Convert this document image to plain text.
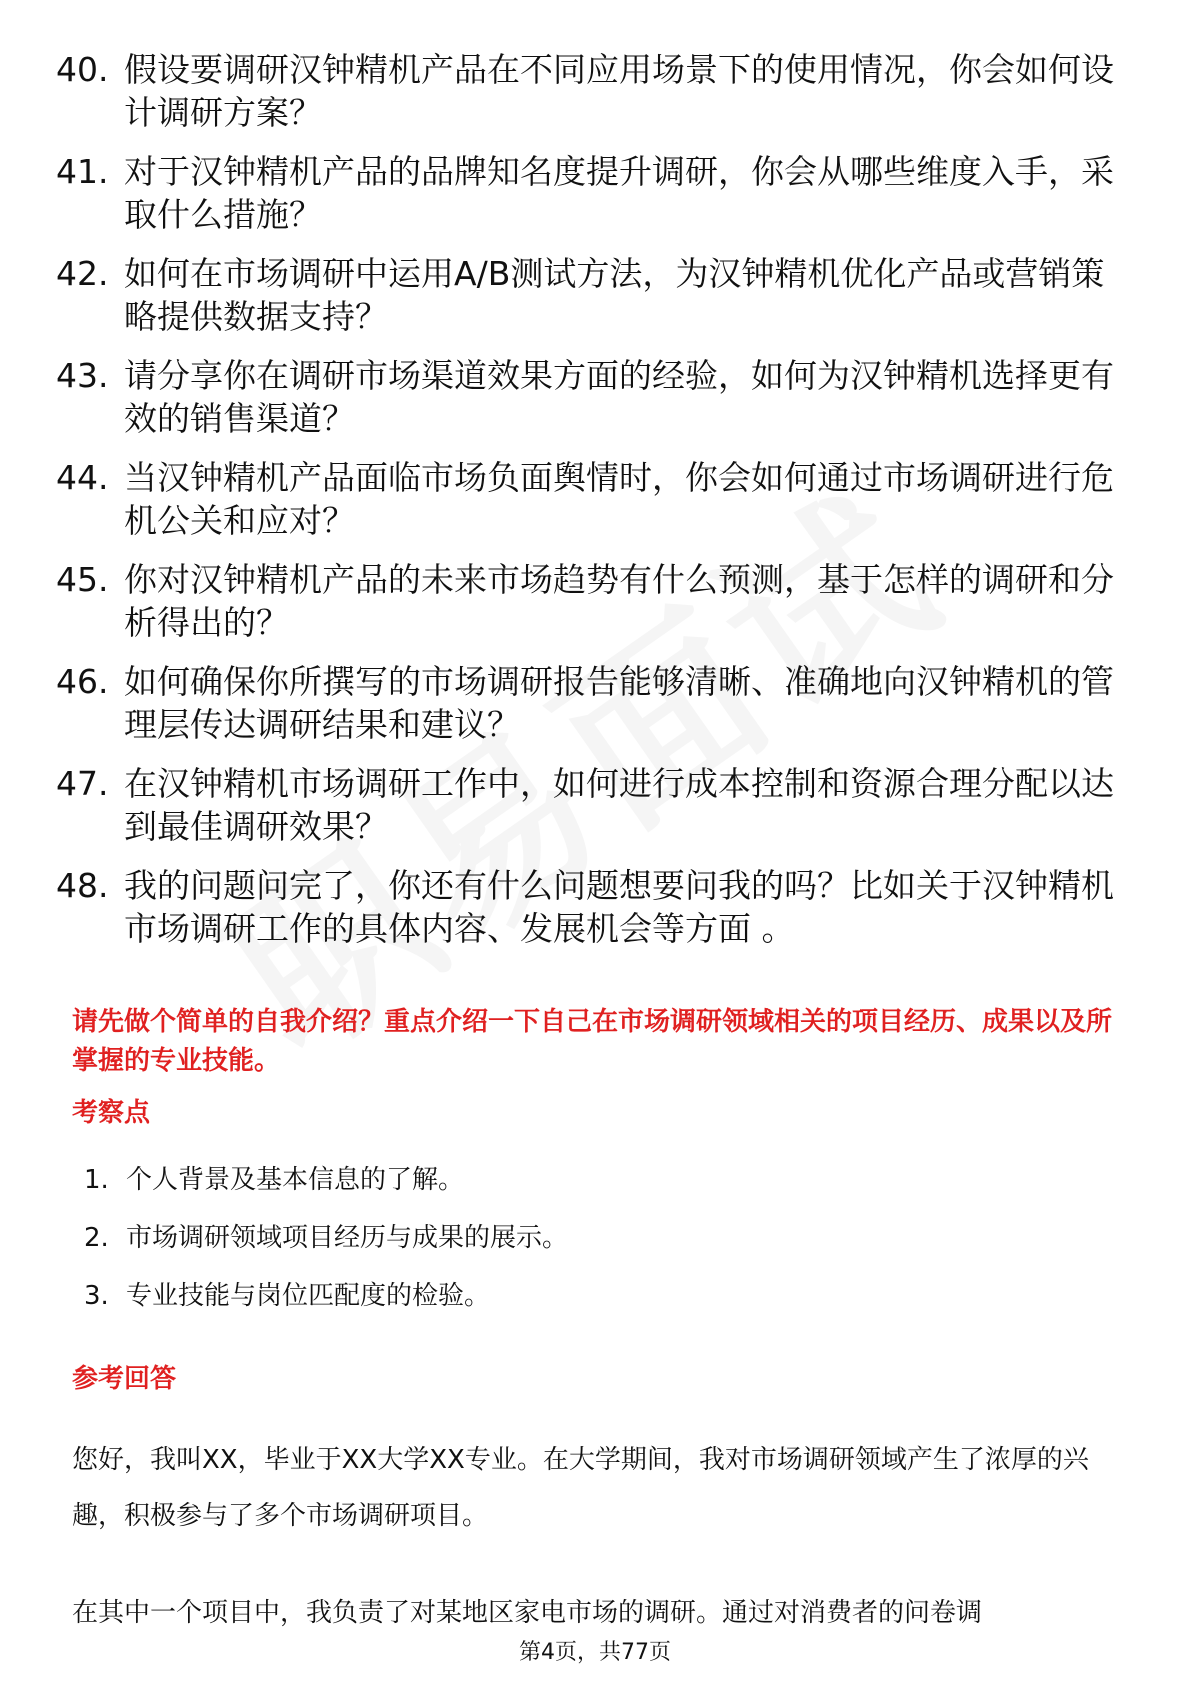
40. 假设要调研汉钟精机产品在不同应用场景下的使用情况，你会如何设计调研方案？
41. 对于汉钟精机产品的品牌知名度提升调研，你会从哪些维度入手，采取什么措施？
42. 如何在市场调研中运用A/B测试方法，为汉钟精机优化产品或营销策略提供数据支持？
43. 请分享你在调研市场渠道效果方面的经验，如何为汉钟精机选择更有效的销售渠道？
44. 当汉钟精机产品面临市场负面舆情时，你会如何通过市场调研进行危机公关和应对？
45. 你对汉钟精机产品的未来市场趋势有什么预测，基于怎样的调研和分析得出的？
46. 如何确保你所撰写的市场调研报告能够清晰、准确地向汉钟精机的管理层传达调研结果和建议？
47. 在汉钟精机市场调研工作中，如何进行成本控制和资源合理分配以达到最佳调研效果？
48. 我的问题问完了，你还有什么问题想要问我的吗？比如关于汉钟精机市场调研工作的具体内容、发展机会等方面 。
请先做个简单的自我介绍？重点介绍一下自己在市场调研领域相关的项目经历、成果以及所掌握的专业技能。
考察点
1. 个人背景及基本信息的了解。
2. 市场调研领域项目经历与成果的展示。
3. 专业技能与岗位匹配度的检验。
参考回答
您好，我叫XX，毕业于XX大学XX专业。在大学期间，我对市场调研领域产生了浓厚的兴趣，积极参与了多个市场调研项目。
在其中一个项目中，我负责了对某地区家电市场的调研。通过对消费者的问卷调
第4页，共77页
